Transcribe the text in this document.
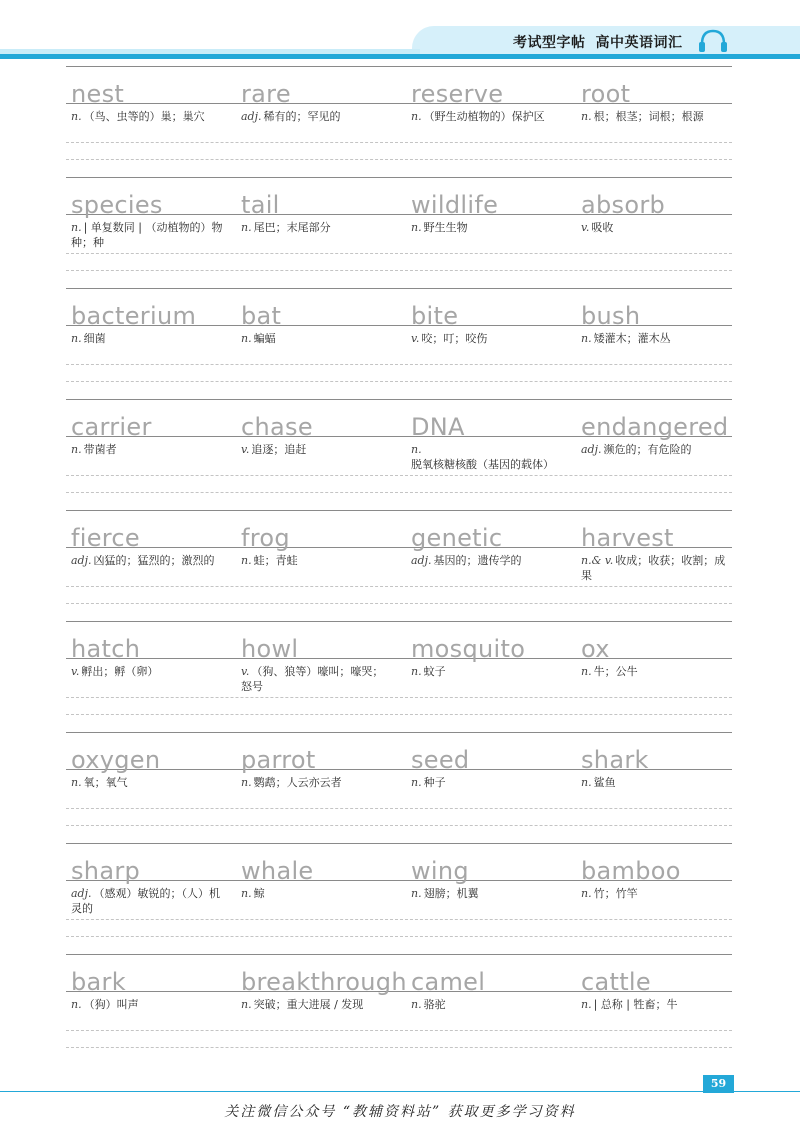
考试型字帖 高中英语词汇
nest
n. （鸟、虫等的）巢；巢穴
rare
adj. 稀有的；罕见的
reserve
n. （野生动植物的）保护区
root
n. 根；根茎；词根；根源
species
n. | 单复数同 | （动植物的）物种；种
tail
n. 尾巴；末尾部分
wildlife
n. 野生生物
absorb
v. 吸收
bacterium
n. 细菌
bat
n. 蝙蝠
bite
v. 咬；叮；咬伤
bush
n. 矮灌木；灌木丛
carrier
n. 带菌者
chase
v. 追逐；追赶
DNA
n.脱氧核糖核酸（基因的载体）
endangered
adj. 濒危的；有危险的
fierce
adj. 凶猛的；猛烈的；激烈的
frog
n. 蛙；青蛙
genetic
adj. 基因的；遗传学的
harvest
n.& v. 收成；收获；收割；成果
hatch
v. 孵出；孵（卵）
howl
v. （狗、狼等）嚎叫；嚎哭；怒号
mosquito
n. 蚊子
ox
n. 牛；公牛
oxygen
n. 氧；氧气
parrot
n. 鹦鹉；人云亦云者
seed
n. 种子
shark
n. 鲨鱼
sharp
adj. （感观）敏锐的；（人）机灵的
whale
n. 鲸
wing
n. 翅膀；机翼
bamboo
n. 竹；竹竿
bark
n. （狗）叫声
breakthrough
n. 突破；重大进展 / 发现
camel
n. 骆驼
cattle
n. | 总称 | 牲畜；牛
59
关注微信公众号 “教辅资料站” 获取更多学习资料
